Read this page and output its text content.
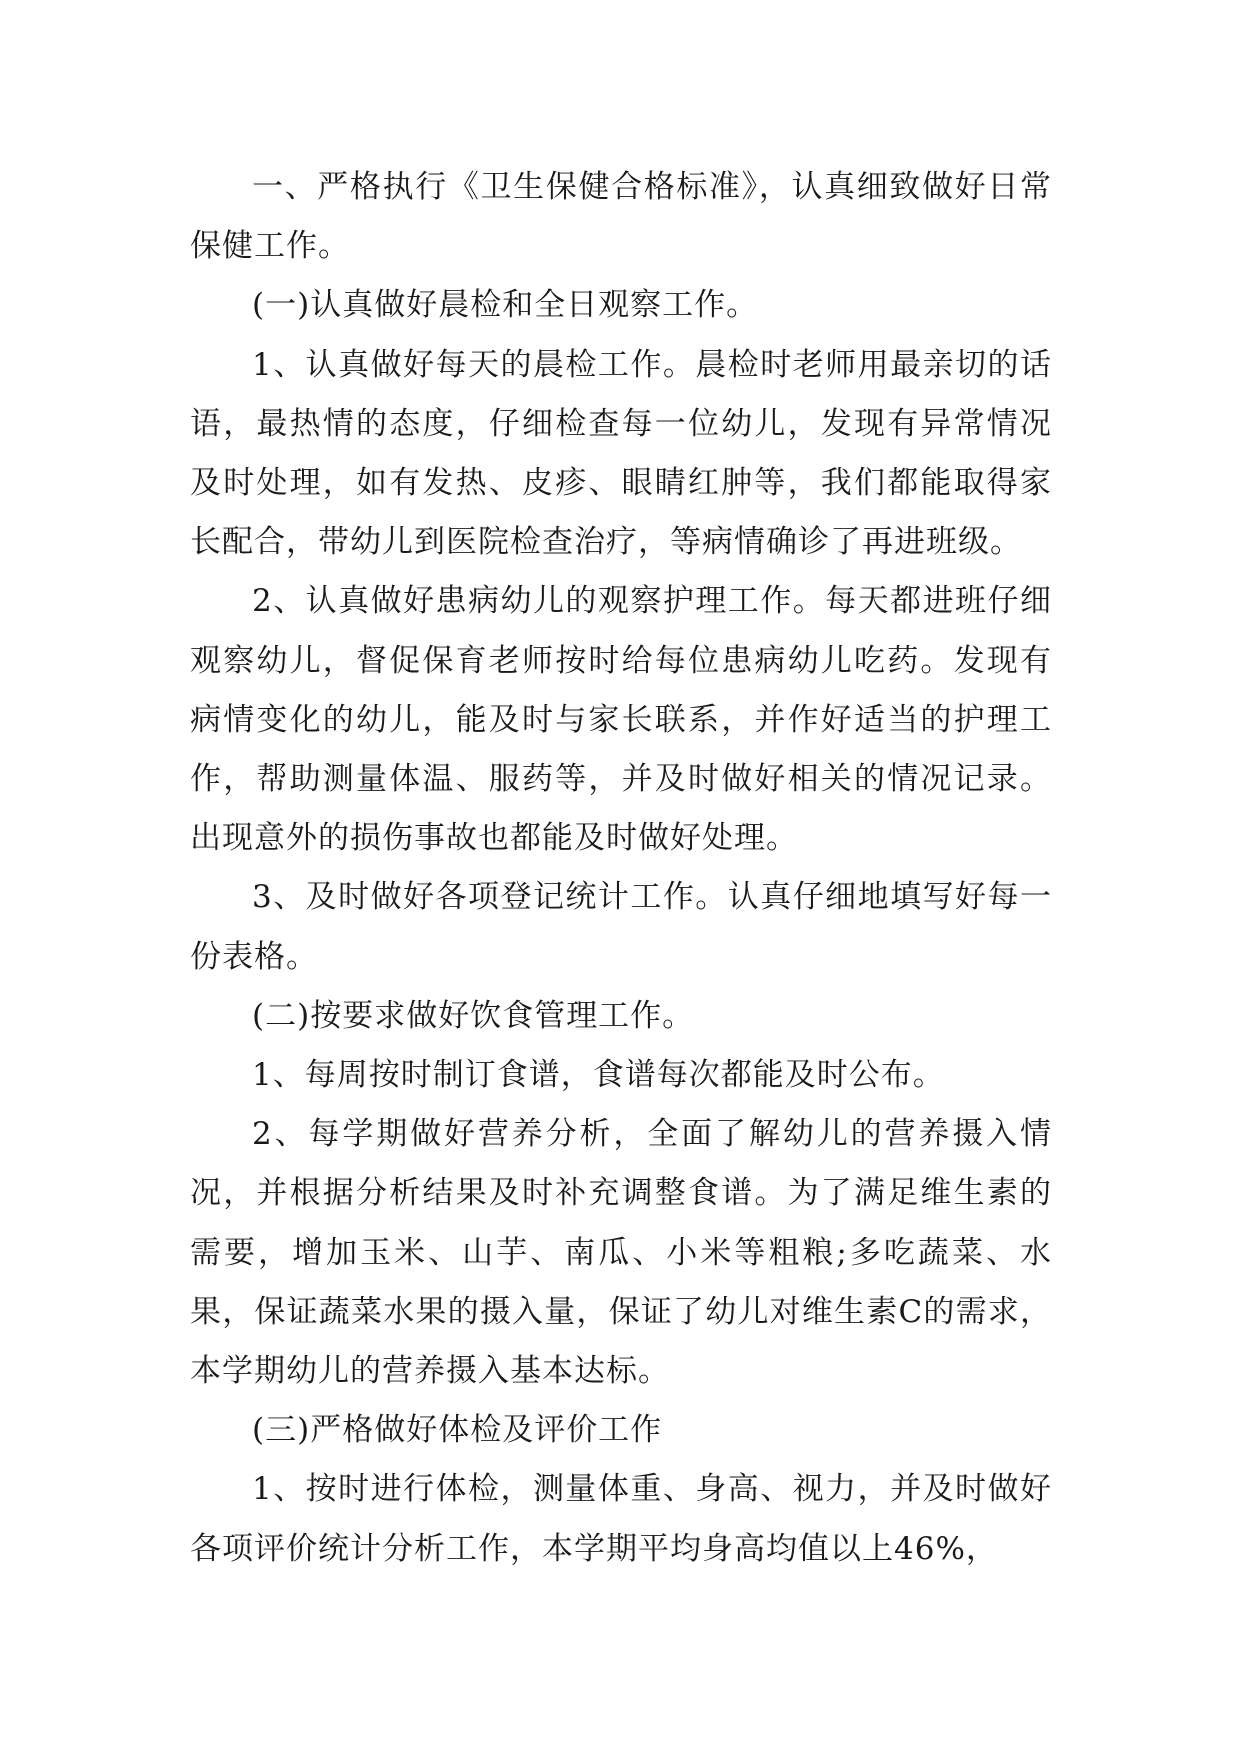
一、严格执行《卫生保健合格标准》，认真细致做好日常保健工作。

(一)认真做好晨检和全日观察工作。

1、认真做好每天的晨检工作。晨检时老师用最亲切的话语，最热情的态度，仔细检查每一位幼儿，发现有异常情况及时处理，如有发热、皮疹、眼睛红肿等，我们都能取得家长配合，带幼儿到医院检查治疗，等病情确诊了再进班级。

2、认真做好患病幼儿的观察护理工作。每天都进班仔细观察幼儿，督促保育老师按时给每位患病幼儿吃药。发现有病情变化的幼儿，能及时与家长联系，并作好适当的护理工作，帮助测量体温、服药等，并及时做好相关的情况记录。出现意外的损伤事故也都能及时做好处理。

3、及时做好各项登记统计工作。认真仔细地填写好每一份表格。

(二)按要求做好饮食管理工作。

1、每周按时制订食谱，食谱每次都能及时公布。

2、每学期做好营养分析，全面了解幼儿的营养摄入情况，并根据分析结果及时补充调整食谱。为了满足维生素的需要，增加玉米、山芋、南瓜、小米等粗粮;多吃蔬菜、水果，保证蔬菜水果的摄入量，保证了幼儿对维生素C的需求，本学期幼儿的营养摄入基本达标。

(三)严格做好体检及评价工作

1、按时进行体检，测量体重、身高、视力，并及时做好各项评价统计分析工作，本学期平均身高均值以上46%，
